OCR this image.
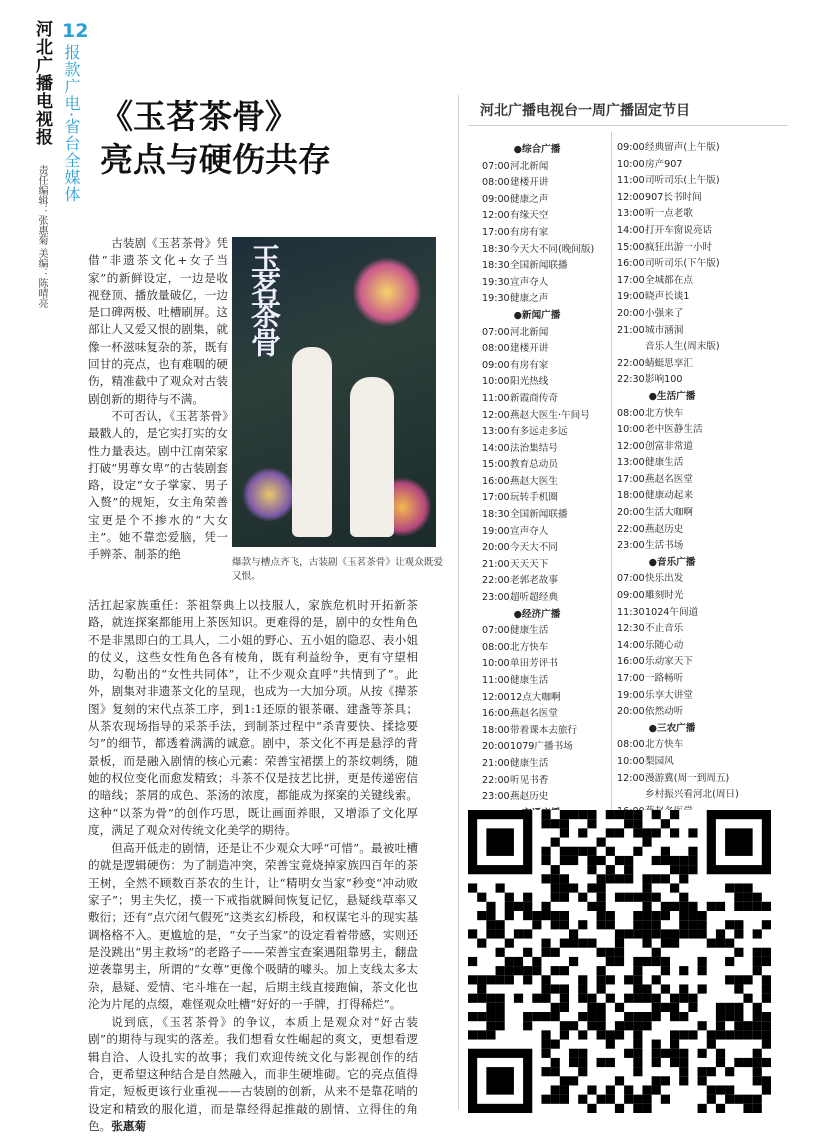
河北广播电视报 12
报款广电·省台全媒体
责任编辑：张惠菊 美编：陈晴亮
《玉茗茶骨》
亮点与硬伤共存

古装剧《玉茗茶骨》凭借“非遗茶文化+女子当家”的新鲜设定，一边是收视登顶、播放量破亿，一边是口碑两极、吐槽刷屏。这部让人又爱又恨的剧集，就像一杯滋味复杂的茶，既有回甘的亮点，也有难咽的硬伤，精准截中了观众对古装剧创新的期待与不满。

不可否认，《玉茗茶骨》最戳人的，是它实打实的女性力量表达。剧中江南荣家打破“男尊女卑”的古装剧套路，设定“女子掌家、男子入赘”的规矩，女主角荣善宝更是个不掺水的“大女主”。她不靠恋爱脑，凭一手辨茶、制茶的绝

玉茗茶骨
爆款与槽点齐飞，古装剧《玉茗茶骨》让观众既爱又恨。

活扛起家族重任：茶祖祭典上以技服人，家族危机时开拓新茶路，就连探案都能用上茶医知识。更难得的是，剧中的女性角色不是非黑即白的工具人，二小姐的野心、五小姐的隐忍、表小姐的仗义，这些女性角色各有棱角，既有利益纷争，更有守望相助，勾勒出的“女性共同体”，让不少观众直呼“共情到了”。此外，剧集对非遗茶文化的呈现，也成为一大加分项。从按《撵茶图》复刻的宋代点茶工序，到1:1还原的银茶碾、建盏等茶具；从茶农现场指导的采茶手法，到制茶过程中“杀青要快、揉捻要匀”的细节，都透着满满的诚意。剧中，茶文化不再是悬浮的背景板，而是融入剧情的核心元素：荣善宝裙摆上的茶纹刺绣，随她的权位变化而愈发精致；斗茶不仅是技艺比拼，更是传递密信的暗线；茶屑的成色、茶汤的浓度，都能成为探案的关键线索。这种“以茶为骨”的创作巧思，既让画面养眼，又增添了文化厚度，满足了观众对传统文化美学的期待。

但高开低走的剧情，还是让不少观众大呼“可惜”。最被吐槽的就是逻辑硬伤：为了制造冲突，荣善宝竟烧掉家族四百年的茶王树，全然不顾数百茶农的生计，让“精明女当家”秒变“冲动败家子”；男主失忆，摸一下戒指就瞬间恢复记忆，悬疑线草率又敷衍；还有“点穴闭气假死”这类玄幻桥段，和权谋宅斗的现实基调格格不入。更尴尬的是，“女子当家”的设定看着带感，实则还是没跳出“男主救场”的老路子——荣善宝查案遇阻靠男主，翻盘逆袭靠男主，所谓的“女尊”更像个吸睛的噱头。加上支线太多太杂，悬疑、爱情、宅斗堆在一起，后期主线直接跑偏，茶文化也沦为片尾的点缀，难怪观众吐槽“好好的一手牌，打得稀烂”。

说到底，《玉茗茶骨》的争议，本质上是观众对“好古装剧”的期待与现实的落差。我们想看女性崛起的爽文，更想看逻辑自洽、人设扎实的故事；我们欢迎传统文化与影视创作的结合，更希望这种结合是自然融入，而非生硬堆砌。它的亮点值得肯定，短板更该行业重视——古装剧的创新，从来不是靠花哨的设定和精致的服化道，而是靠经得起推敲的剧情、立得住的角色。张惠菊

河北广播电视台一周广播固定节目
●综合广播
07:00河北新闻
08:00建楼开讲
09:00健康之声
12:00有缘天空
17:00有房有家
18:30今天大不同(晚间版)
18:30全国新闻联播
19:30宣声夺人
19:30健康之声
●新闻广播
07:00河北新闻
08:00建楼开讲
09:00有房有家
10:00阳光热线
11:00新霞商传奇
12:00燕赵大医生·午间号
13:00有多远走多远
14:00法治集结号
15:00教育总动员
16:00燕赵大医生
17:00玩转手机圈
18:30全国新闻联播
19:00宣声夺人
20:00今天大不同
21:00天天天下
22:00老郭老故事
23:00超听超经典
●经济广播
07:00健康生活
08:00北方快车
10:00单田芳评书
11:00健康生活
12:0012点大咖啊
16:00燕赵名医堂
18:00带着课本去旅行
20:001079广播书场
21:00健康生活
22:00听见书香
23:00燕赵历史
09:00经典留声(上午版)
10:00房产907
11:00司听司乐(上午版)
12:00907长书时间
13:00听一点老歌
14:00打开车窗说亮话
15:00疯狂出游一小时
16:00司听司乐(下午版)
17:00全城都在点
19:00晓声长谈1
20:00小强来了
21:00城市涵洞
音乐人生(周末版)
22:00蜻蜓思享汇
22:30影响100
●生活广播
08:00北方快车
10:00老中医静生活
12:00创富非常道
13:00健康生活
17:00燕赵名医堂
18:00健康动起来
20:00生活大咖啊
22:00燕赵历史
23:00生活书场
●音乐广播
07:00快乐出发
09:00雕刻时光
11:301024午间道
12:30不止音乐
14:00乐随心动
16:00乐动家天下
17:00一路畅听
19:00乐享大讲堂
20:00依然动听
●三农广播
08:00北方快车
10:00梨园风
12:00漫游冀(周一到周五)
乡村振兴看河北(周日)
